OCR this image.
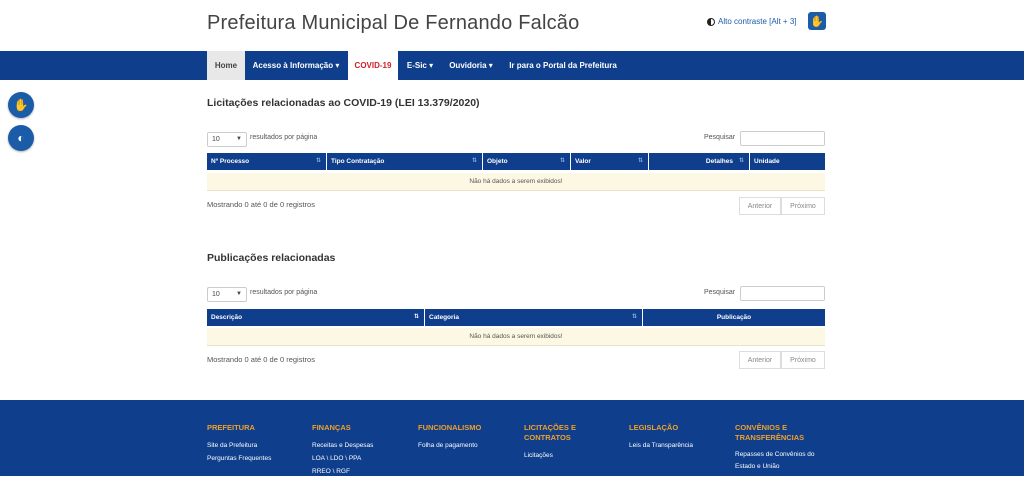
Prefeitura Municipal De Fernando Falcão	Alto contraste [Alt + 3] ✋
Home Acesso à Informação
▾ COVID-19 E-Sic
▾ Ouvidoria
▾ Ir para o Portal da Prefeitura
✋
◐
Licitações relacionadas ao COVID-19 (LEI 13.379/2020)
10	▼ resultados por página	Pesquisar
Nº Processo	⇅ Tipo Contratação	⇅ Objeto	⇅ Valor	⇅	Detalhes ⇅ Unidade
Não há dados a serem exibidos!
Mostrando 0 até 0 de 0 registros	Anterior	Próximo
Publicações relacionadas
10	▼ resultados por página	Pesquisar
Descrição	⇅ Categoria	⇅	Publicação
Não há dados a serem exibidos!
Mostrando 0 até 0 de 0 registros	Anterior	Próximo
PREFEITURA
Site da Prefeitura
Perguntas Frequentes
FINANÇAS
Receitas e Despesas
LOA \ LDO \ PPA
RREO \ RGF
FUNCIONALISMO
Folha de pagamento
LICITAÇÕES E CONTRATOS
Licitações
LEGISLAÇÃO
Leis da Transparência
CONVÊNIOS E TRANSFERÊNCIAS
Repasses de Convênios do Estado e União
